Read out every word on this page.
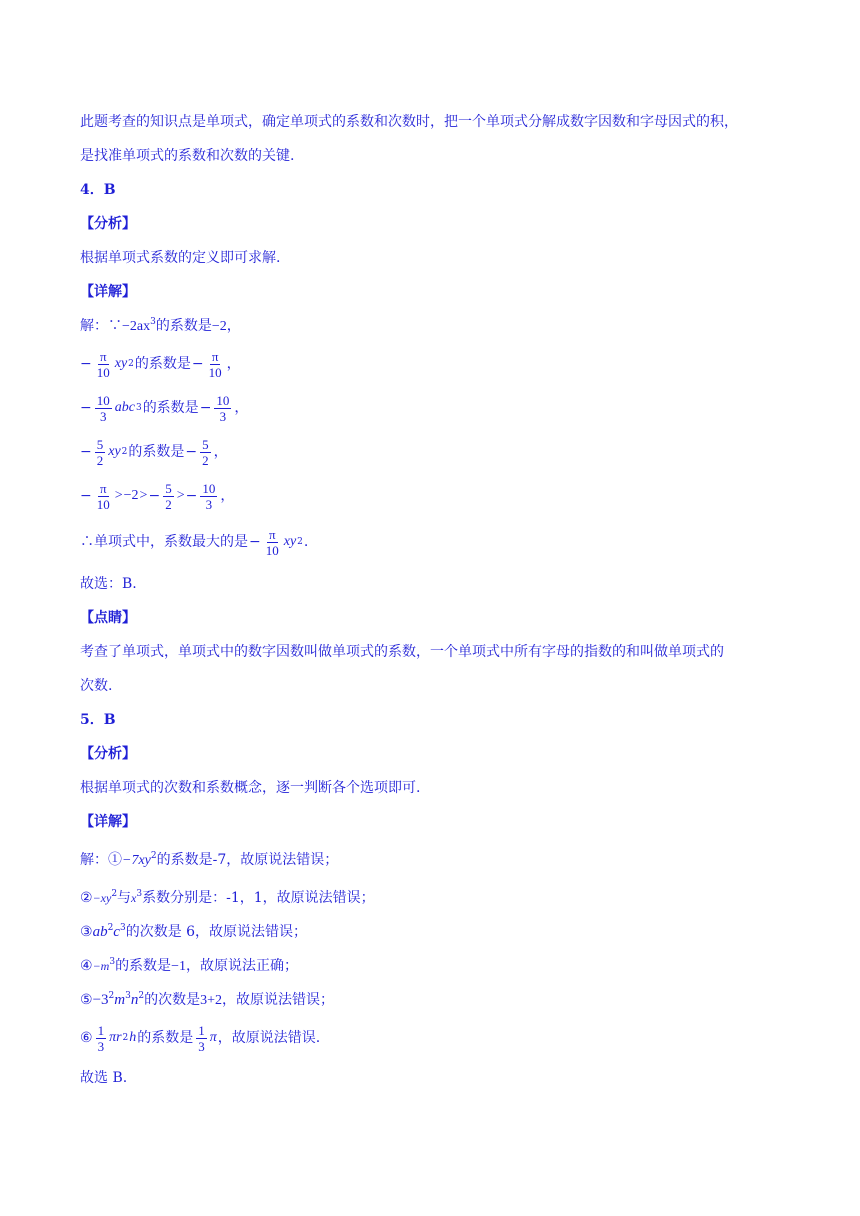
此题考查的知识点是单项式，确定单项式的系数和次数时，把一个单项式分解成数字因数和字母因式的积，
是找准单项式的系数和次数的关键.
4．B
【分析】
根据单项式系数的定义即可求解.
【详解】
解：$\because-2ax^3$的系数是−2，
− $\frac{\pi}{10}$ xy 2 的系数是 − $\frac{\pi}{10}$ ，
− $\frac{10}{3}$ abc 3 的系数是 − $\frac{10}{3}$ ，
− $\frac{5}{2}$ xy 2 的系数是 − $\frac{5}{2}$ ，
− $\frac{\pi}{10} > -2$ > − $\frac{5}{2}$ > − $\frac{10}{3}$ ，
∴单项式中，系数最大的是 − $\frac{\pi}{10}$ xy 2 .
故选：B.
【点睛】
考查了单项式，单项式中的数字因数叫做单项式的系数，一个单项式中所有字母的指数的和叫做单项式的
次数.
5．B
【分析】
根据单项式的次数和系数概念，逐一判断各个选项即可.
【详解】
解：$①-7xy^2$的系数是-7，故原说法错误；
$②-xy^2$与$x^3$系数分别是：-1，1，故原说法错误；
$③ab^2c^3$的次数是 6，故原说法错误；
$④-m^3$的系数是−1，故原说法正确；
$⑤-3^2m^3n^2$的次数是3+2，故原说法错误；
⑥ $\frac{1}{3}$ πr 2 h 的系数是 $\frac{1}{3}$ π ，故原说法错误.
故选 B.
